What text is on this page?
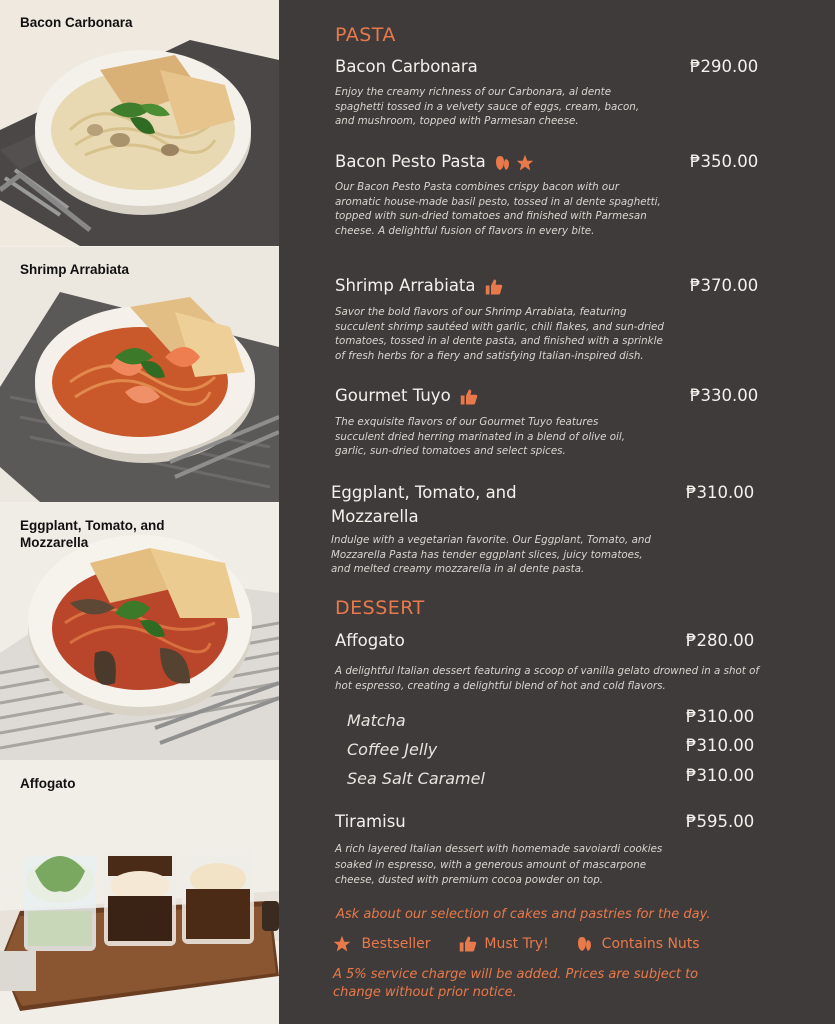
Bacon Carbonara
Shrimp Arrabiata
Eggplant, Tomato, and Mozzarella
Affogato
PASTA
Bacon Carbonara	₱290.00
Enjoy the creamy richness of our Carbonara, al dente spaghetti tossed in a velvety sauce of eggs, cream, bacon, and mushroom, topped with Parmesan cheese.
Bacon Pesto Pasta	₱350.00
Our Bacon Pesto Pasta combines crispy bacon with our aromatic house-made basil pesto, tossed in al dente spaghetti, topped with sun-dried tomatoes and finished with Parmesan cheese. A delightful fusion of flavors in every bite.
Shrimp Arrabiata	₱370.00
Savor the bold flavors of our Shrimp Arrabiata, featuring succulent shrimp sautéed with garlic, chili flakes, and sun-dried tomatoes, tossed in al dente pasta, and finished with a sprinkle of fresh herbs for a fiery and satisfying Italian-inspired dish.
Gourmet Tuyo	₱330.00
The exquisite flavors of our Gourmet Tuyo features succulent dried herring marinated in a blend of olive oil, garlic, sun-dried tomatoes and select spices.
Eggplant, Tomato, and
Mozzarella
₱310.00
Indulge with a vegetarian favorite. Our Eggplant, Tomato, and Mozzarella Pasta has tender eggplant slices, juicy tomatoes, and melted creamy mozzarella in al dente pasta.
DESSERT
Affogato	₱280.00
A delightful Italian dessert featuring a scoop of vanilla gelato drowned in a shot of hot espresso, creating a delightful blend of hot and cold flavors.
Matcha	₱310.00
Coffee Jelly	₱310.00
Sea Salt Caramel	₱310.00
Tiramisu	₱595.00
A rich layered Italian dessert with homemade savoiardi cookies soaked in espresso, with a generous amount of mascarpone cheese, dusted with premium cocoa powder on top.
Ask about our selection of cakes and pastries for the day.
Bestseller	Must Try!	Contains Nuts
A 5% service charge will be added. Prices are subject to
change without prior notice.
